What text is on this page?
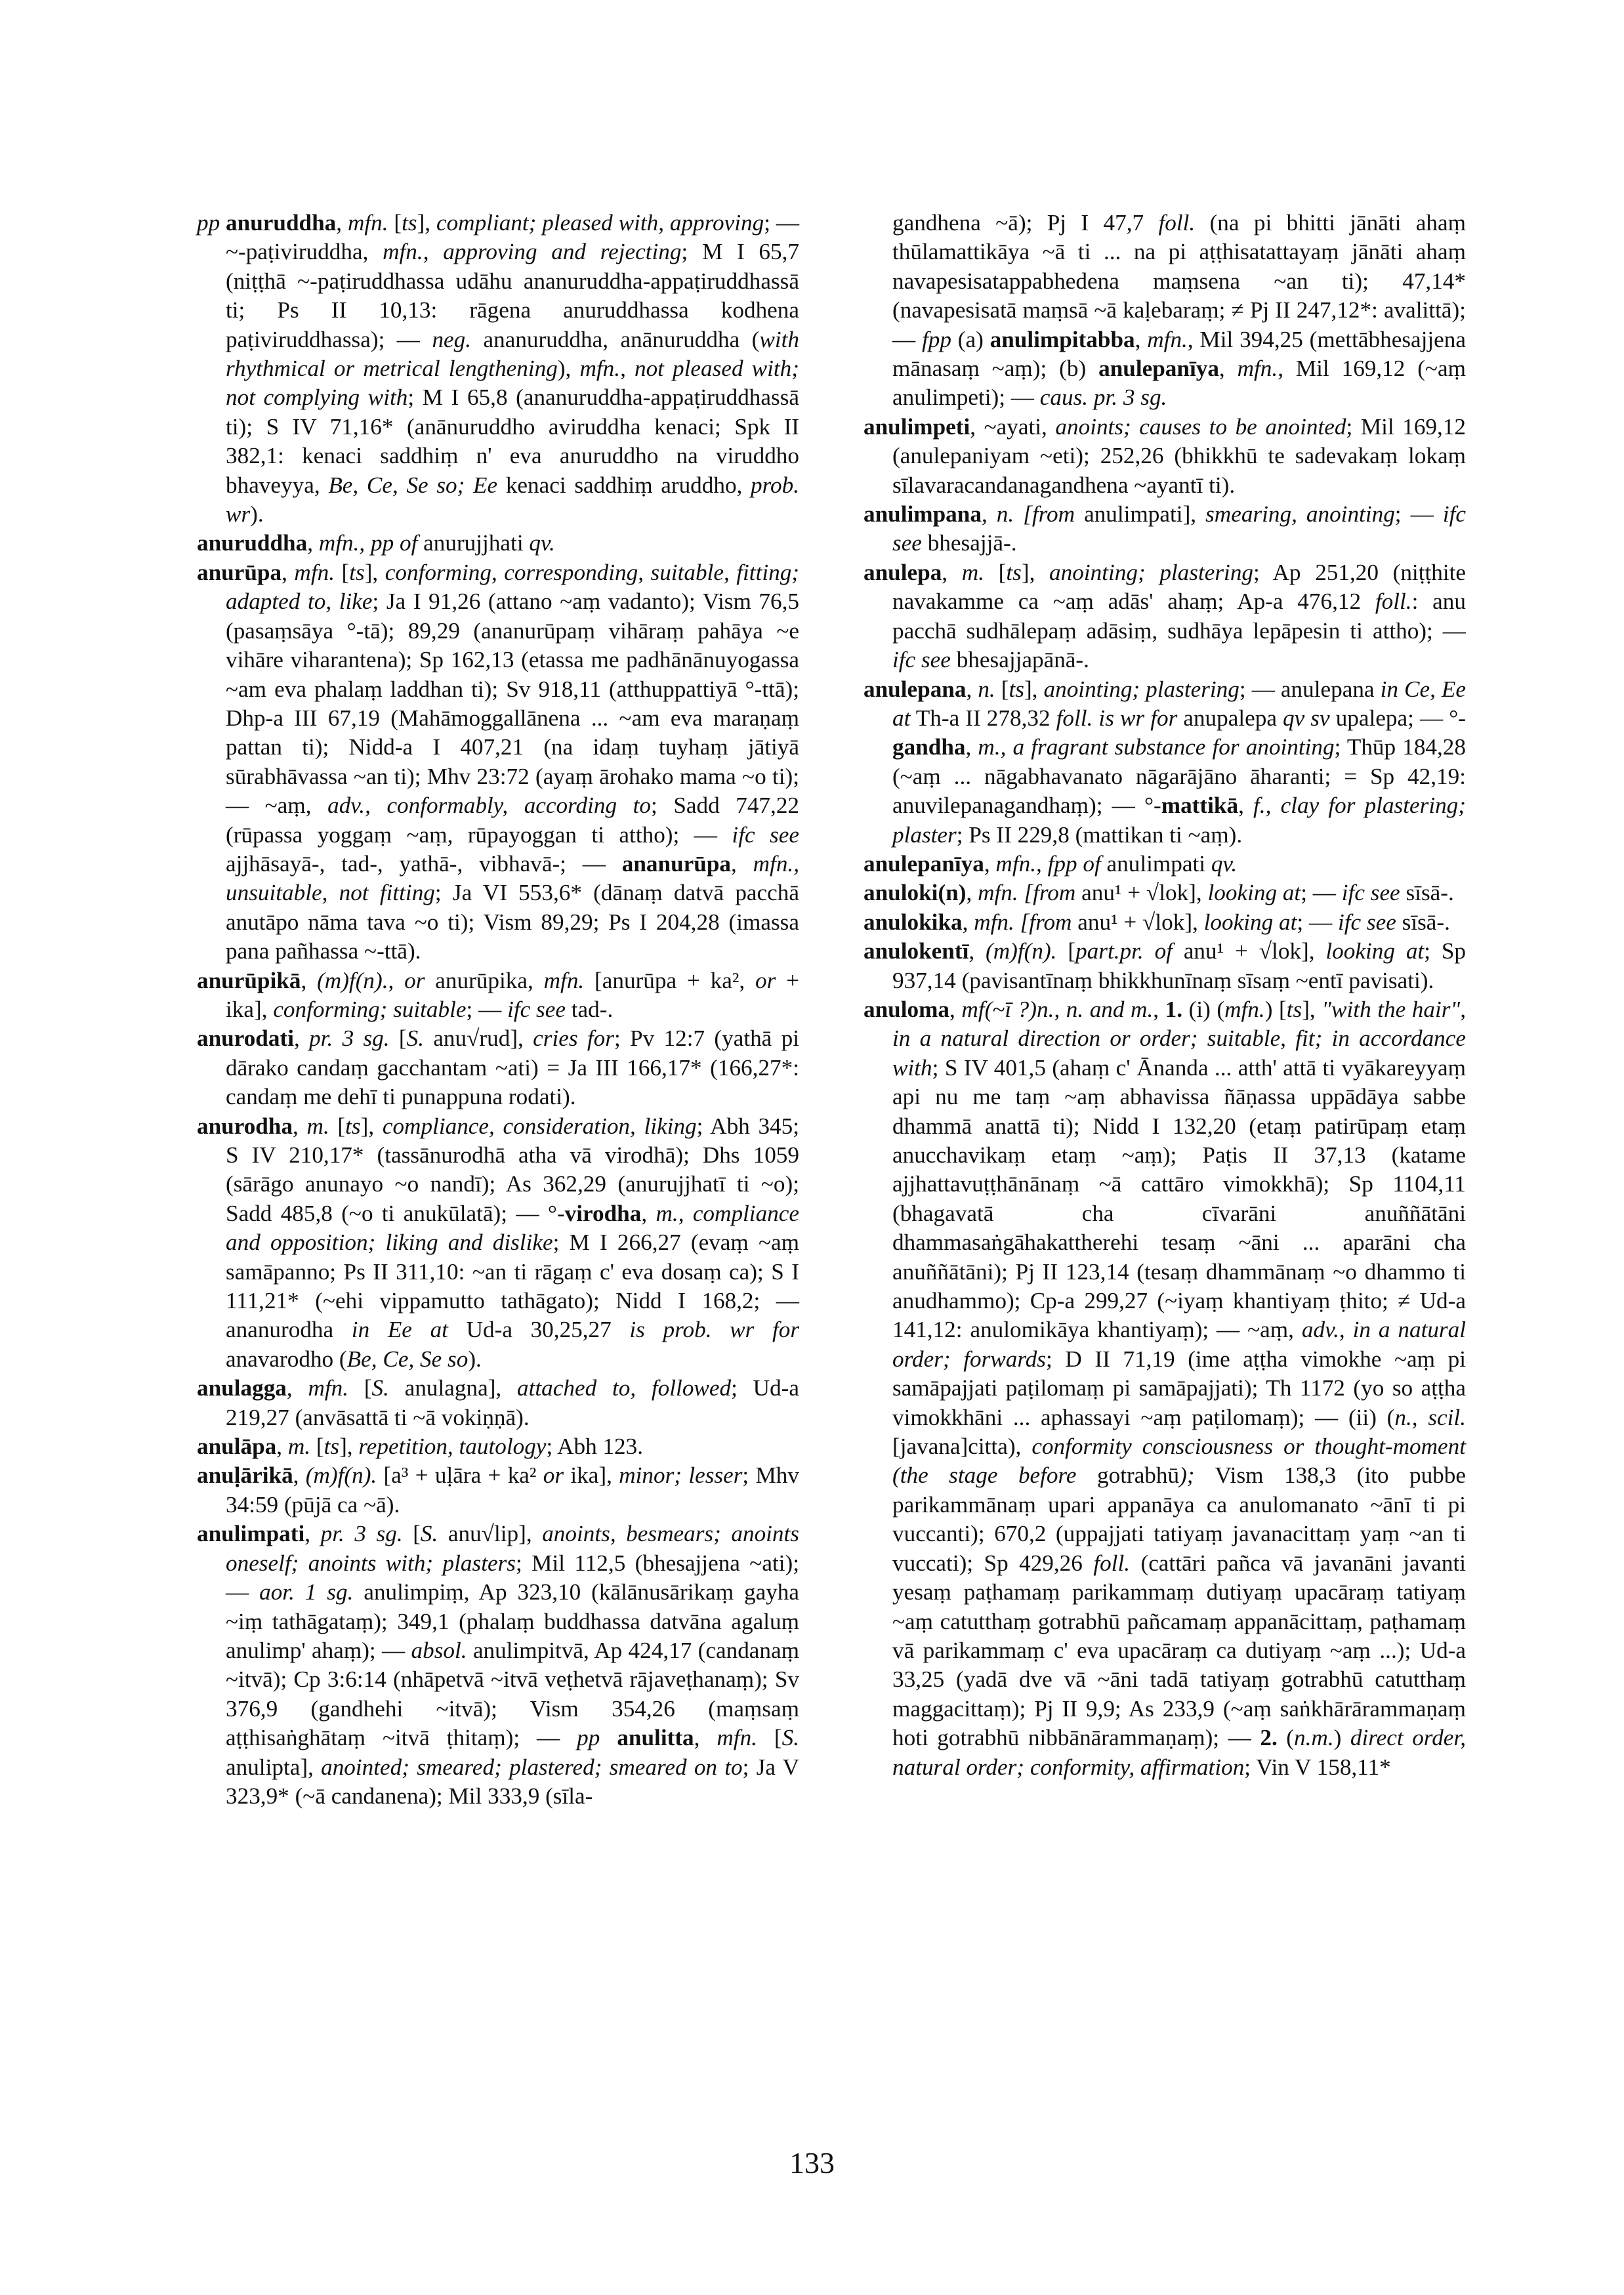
pp anuruddha, mfn. [ts], compliant; pleased with, approving; — ~-paṭiviruddha, mfn., approving and rejecting; M I 65,7 (niṭṭhā ~-paṭiruddhassa udāhu ananuruddha-appaṭiruddhassā ti; Ps II 10,13: rāgena anuruddhassa kodhena paṭiviruddhassa); — neg. ananuruddha, anānuruddha (with rhythmical or metrical lengthening), mfn., not pleased with; not complying with; M I 65,8 (ananuruddha-appaṭiruddhassā ti); S IV 71,16* (anānuruddho aviruddha kenaci; Spk II 382,1: kenaci saddhiṃ n' eva anuruddho na viruddho bhaveyya, Be, Ce, Se so; Ee kenaci saddhiṃ aruddho, prob. wr).

anuruddha, mfn., pp of anurujjhati qv.

anurūpa, mfn. [ts], conforming, corresponding, suitable, fitting; adapted to, like; Ja I 91,26 (attano ~aṃ vadanto); Vism 76,5 (pasaṃsāya °-tā); 89,29 (ananurūpaṃ vihāraṃ pahāya ~e vihāre viharantena); Sp 162,13 (etassa me padhānānuyogassa ~am eva phalaṃ laddhan ti); Sv 918,11 (atthuppattiyā °-ttā); Dhp-a III 67,19 (Mahāmoggallānena ... ~am eva maraṇaṃ pattan ti); Nidd-a I 407,21 (na idaṃ tuyhaṃ jātiyā sūrabhāvassa ~an ti); Mhv 23:72 (ayaṃ ārohako mama ~o ti); — ~aṃ, adv., conformably, according to; Sadd 747,22 (rūpassa yoggaṃ ~aṃ, rūpayoggan ti attho); — ifc see ajjhāsayā-, tad-, yathā-, vibhavā-; — ananurūpa, mfn., unsuitable, not fitting; Ja VI 553,6* (dānaṃ datvā pacchā anutāpo nāma tava ~o ti); Vism 89,29; Ps I 204,28 (imassa pana pañhassa ~-ttā).

anurūpikā, (m)f(n)., or anurūpika, mfn. [anurūpa + ka², or + ika], conforming; suitable; — ifc see tad-.

anurodati, pr. 3 sg. [S. anu√rud], cries for; Pv 12:7 (yathā pi dārako candaṃ gacchantam ~ati) = Ja III 166,17* (166,27*: candaṃ me dehī ti punappuna rodati).

anurodha, m. [ts], compliance, consideration, liking; Abh 345; S IV 210,17* (tassānurodhā atha vā virodhā); Dhs 1059 (sārāgo anunayo ~o nandī); As 362,29 (anurujjhatī ti ~o); Sadd 485,8 (~o ti anukūlatā); — °-virodha, m., compliance and opposition; liking and dislike; M I 266,27 (evaṃ ~aṃ samāpanno; Ps II 311,10: ~an ti rāgaṃ c' eva dosaṃ ca); S I 111,21* (~ehi vippamutto tathāgato); Nidd I 168,2; — ananurodha in Ee at Ud-a 30,25,27 is prob. wr for anavarodho (Be, Ce, Se so).

anulagga, mfn. [S. anulagna], attached to, followed; Ud-a 219,27 (anvāsattā ti ~ā vokiṇṇā).

anulāpa, m. [ts], repetition, tautology; Abh 123.

anuḷārikā, (m)f(n). [a³ + uḷāra + ka² or ika], minor; lesser; Mhv 34:59 (pūjā ca ~ā).

anulimpati, pr. 3 sg. [S. anu√lip], anoints, besmears; anoints oneself; anoints with; plasters; Mil 112,5 (bhesajjena ~ati); — aor. 1 sg. anulimpiṃ, Ap 323,10 (kālānusārikaṃ gayha ~iṃ tathāgataṃ); 349,1 (phalaṃ buddhassa datvāna agaluṃ anulimp' ahaṃ); — absol. anulimpitvā, Ap 424,17 (candanaṃ ~itvā); Cp 3:6:14 (nhāpetvā ~itvā veṭhetvā rājaveṭhanaṃ); Sv 376,9 (gandhehi ~itvā); Vism 354,26 (maṃsaṃ aṭṭhisaṅghātaṃ ~itvā ṭhitaṃ); — pp anulitta, mfn. [S. anulipta], anointed; smeared; plastered; smeared on to; Ja V 323,9* (~ā candanena); Mil 333,9 (sīla-

gandhena ~ā); Pj I 47,7 foll. (na pi bhitti jānāti ahaṃ thūlamattikāya ~ā ti ... na pi aṭṭhisatattayaṃ jānāti ahaṃ navapesisatappabhedena maṃsena ~an ti); 47,14* (navapesisatā maṃsā ~ā kaḷebaraṃ; ≠ Pj II 247,12*: avalittā); — fpp (a) anulimpitabba, mfn., Mil 394,25 (mettābhesajjena mānasaṃ ~aṃ); (b) anulepanīya, mfn., Mil 169,12 (~aṃ anulimpeti); — caus. pr. 3 sg.

anulimpeti, ~ayati, anoints; causes to be anointed; Mil 169,12 (anulepaniyam ~eti); 252,26 (bhikkhū te sadevakaṃ lokaṃ sīlavaracandanagandhena ~ayantī ti).

anulimpana, n. [from anulimpati], smearing, anointing; — ifc see bhesajjā-.

anulepa, m. [ts], anointing; plastering; Ap 251,20 (niṭṭhite navakamme ca ~aṃ adās' ahaṃ; Ap-a 476,12 foll.: anu pacchā sudhālepaṃ adāsiṃ, sudhāya lepāpesin ti attho); — ifc see bhesajjapānā-.

anulepana, n. [ts], anointing; plastering; — anulepana in Ce, Ee at Th-a II 278,32 foll. is wr for anupalepa qv sv upalepa; — °-gandha, m., a fragrant substance for anointing; Thūp 184,28 (~aṃ ... nāgabhavanato nāgarājāno āharanti; = Sp 42,19: anuvilepanagandhaṃ); — °-mattikā, f., clay for plastering; plaster; Ps II 229,8 (mattikan ti ~aṃ).

anulepanīya, mfn., fpp of anulimpati qv.

anuloki(n), mfn. [from anu¹ + √lok], looking at; — ifc see sīsā-.

anulokika, mfn. [from anu¹ + √lok], looking at; — ifc see sīsā-.

anulokentī, (m)f(n). [part.pr. of anu¹ + √lok], looking at; Sp 937,14 (pavisantīnaṃ bhikkhunīnaṃ sīsaṃ ~entī pavisati).

anuloma, mf(~ī ?)n., n. and m., 1. (i) (mfn.) [ts], "with the hair", in a natural direction or order; suitable, fit; in accordance with; S IV 401,5 (ahaṃ c' Ānanda ... atth' attā ti vyākareyyaṃ api nu me taṃ ~aṃ abhavissa ñāṇassa uppādāya sabbe dhammā anattā ti); Nidd I 132,20 (etaṃ patirūpaṃ etaṃ anucchavikaṃ etaṃ ~aṃ); Paṭis II 37,13 (katame ajjhattavuṭṭhānānaṃ ~ā cattāro vimokkhā); Sp 1104,11 (bhagavatā cha cīvarāni anuññātāni dhammasaṅgāhakattherehi tesaṃ ~āni ... aparāni cha anuññātāni); Pj II 123,14 (tesaṃ dhammānaṃ ~o dhammo ti anudhammo); Cp-a 299,27 (~iyaṃ khantiyaṃ ṭhito; ≠ Ud-a 141,12: anulomikāya khantiyaṃ); — ~aṃ, adv., in a natural order; forwards; D II 71,19 (ime aṭṭha vimokhe ~aṃ pi samāpajjati paṭilomaṃ pi samāpajjati); Th 1172 (yo so aṭṭha vimokkhāni ... aphassayi ~aṃ paṭilomaṃ); — (ii) (n., scil. [javana]citta), conformity consciousness or thought-moment (the stage before gotrabhū); Vism 138,3 (ito pubbe parikammānaṃ upari appanāya ca anulomanato ~ānī ti pi vuccanti); 670,2 (uppajjati tatiyaṃ javanacittaṃ yaṃ ~an ti vuccati); Sp 429,26 foll. (cattāri pañca vā javanāni javanti yesaṃ paṭhamaṃ parikammaṃ dutiyaṃ upacāraṃ tatiyaṃ ~aṃ catutthaṃ gotrabhū pañcamaṃ appanācittaṃ, paṭhamaṃ vā parikammaṃ c' eva upacāraṃ ca dutiyaṃ ~aṃ ...); Ud-a 33,25 (yadā dve vā ~āni tadā tatiyaṃ gotrabhū catutthaṃ maggacittaṃ); Pj II 9,9; As 233,9 (~aṃ saṅkhārārammaṇaṃ hoti gotrabhū nibbānārammaṇaṃ); — 2. (n.m.) direct order, natural order; conformity, affirmation; Vin V 158,11*

133
